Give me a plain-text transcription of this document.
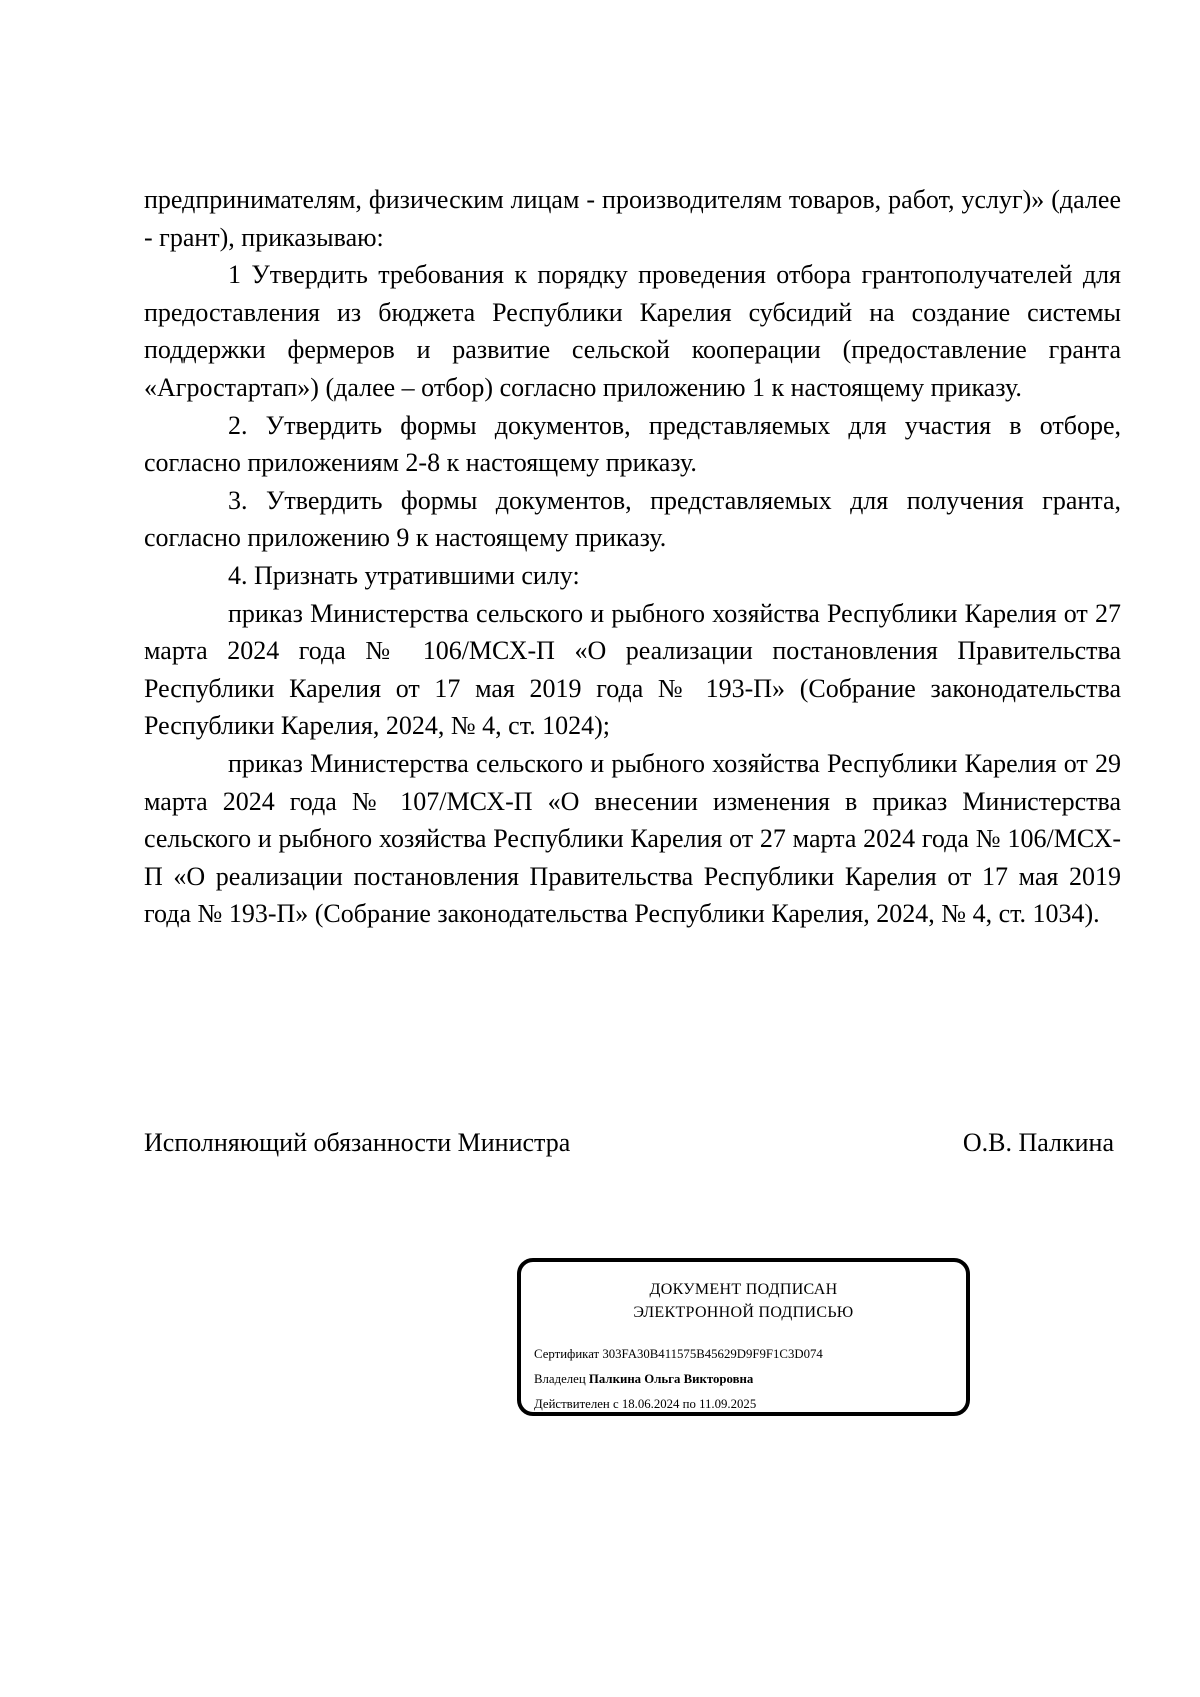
предпринимателям, физическим лицам - производителям товаров, работ, услуг)» (далее - грант), приказываю:

1 Утвердить требования к порядку проведения отбора грантополучателей для предоставления из бюджета Республики Карелия субсидий на создание системы поддержки фермеров и развитие сельской кооперации (предоставление гранта «Агростартап») (далее – отбор) согласно приложению 1 к настоящему приказу.

2. Утвердить формы документов, представляемых для участия в отборе, согласно приложениям 2-8 к настоящему приказу.

3. Утвердить формы документов, представляемых для получения гранта, согласно приложению 9 к настоящему приказу.

4. Признать утратившими силу:

приказ Министерства сельского и рыбного хозяйства Республики Карелия от 27 марта 2024 года № 106/МСХ-П «О реализации постановления Правительства Республики Карелия от 17 мая 2019 года № 193-П» (Собрание законодательства Республики Карелия, 2024, № 4, ст. 1024);

приказ Министерства сельского и рыбного хозяйства Республики Карелия от 29 марта 2024 года № 107/МСХ-П «О внесении изменения в приказ Министерства сельского и рыбного хозяйства Республики Карелия от 27 марта 2024 года № 106/МСХ-П «О реализации постановления Правительства Республики Карелия от 17 мая 2019 года № 193-П» (Собрание законодательства Республики Карелия, 2024, № 4, ст. 1034).

Исполняющий обязанности Министра	О.В. Палкина
ДОКУМЕНТ ПОДПИСАН
ЭЛЕКТРОННОЙ ПОДПИСЬЮ
Сертификат 303FA30B411575B45629D9F9F1C3D074
Владелец Палкина Ольга Викторовна
Действителен с 18.06.2024 по 11.09.2025
